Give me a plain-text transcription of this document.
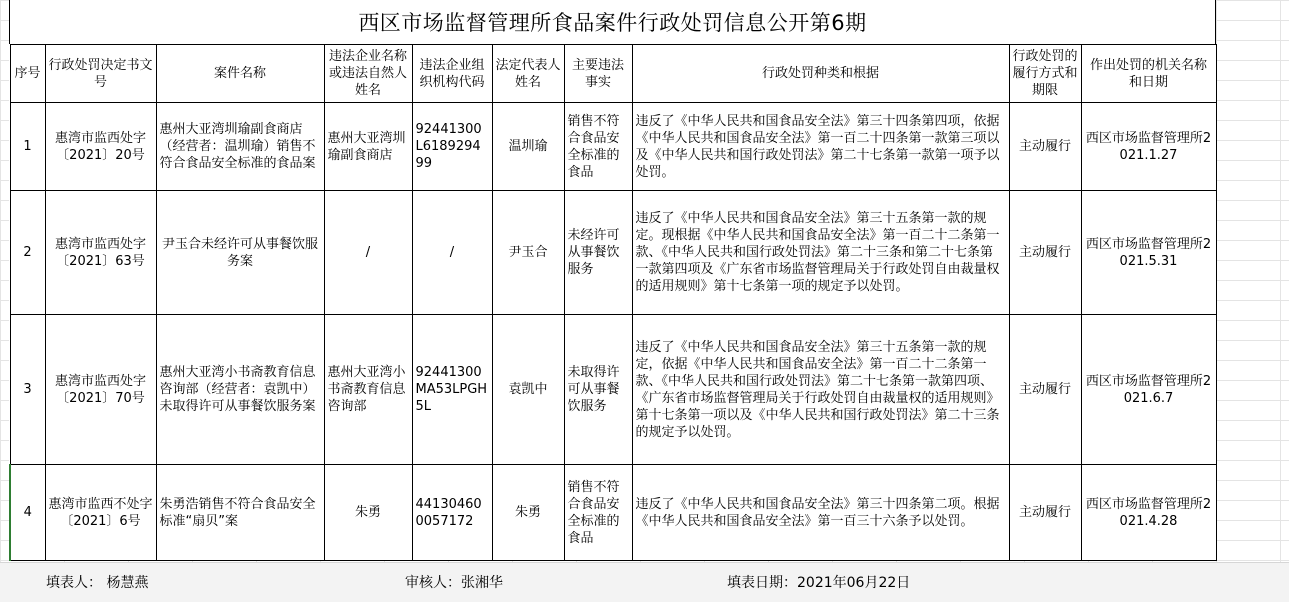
西区市场监督管理所食品案件行政处罚信息公开第6期
序号	行政处罚决定书文号	案件名称	违法企业名称或违法自然人姓名	违法企业组织机构代码	法定代表人姓名	主要违法事实	行政处罚种类和根据	行政处罚的履行方式和期限	作出处罚的机关名称和日期
1	惠湾市监西处字〔2021〕20号	惠州大亚湾圳瑜副食商店（经营者：温圳瑜）销售不符合食品安全标准的食品案	惠州大亚湾圳瑜副食商店	92441300L618929499	温圳瑜	销售不符合食品安全标准的食品	违反了《中华人民共和国食品安全法》第三十四条第四项，依据《中华人民共和国食品安全法》第一百二十四条第一款第三项以及《中华人民共和国行政处罚法》第二十七条第一款第一项予以处罚。	主动履行	西区市场监督管理所2021.1.27
2	惠湾市监西处字〔2021〕63号	尹玉合未经许可从事餐饮服务案	/	/	尹玉合	未经许可从事餐饮服务	违反了《中华人民共和国食品安全法》第三十五条第一款的规定。现根据《中华人民共和国食品安全法》第一百二十二条第一款、《中华人民共和国行政处罚法》第二十三条和第二十七条第一款第四项及《广东省市场监督管理局关于行政处罚自由裁量权的适用规则》第十七条第一项的规定予以处罚。	主动履行	西区市场监督管理所2021.5.31
3	惠湾市监西处字〔2021〕70号	惠州大亚湾小书斋教育信息咨询部（经营者：袁凯中）未取得许可从事餐饮服务案	惠州大亚湾小书斋教育信息咨询部	92441300MA53LPGH5L	袁凯中	未取得许可从事餐饮服务	违反了《中华人民共和国食品安全法》第三十五条第一款的规定，依据《中华人民共和国食品安全法》第一百二十二条第一款、《中华人民共和国行政处罚法》第二十七条第一款第四项、《广东省市场监督管理局关于行政处罚自由裁量权的适用规则》第十七条第一项以及《中华人民共和国行政处罚法》第二十三条的规定予以处罚。	主动履行	西区市场监督管理所2021.6.7
4	惠湾市监西不处字〔2021〕6号	朱勇浩销售不符合食品安全标准“扇贝”案	朱勇	441304600057172	朱勇	销售不符合食品安全标准的食品	违反了《中华人民共和国食品安全法》第三十四条第二项。根据《中华人民共和国食品安全法》第一百三十六条予以处罚。	主动履行	西区市场监督管理所2021.4.28
填表人： 杨慧燕	审核人：张湘华	填表日期：2021年06月22日
